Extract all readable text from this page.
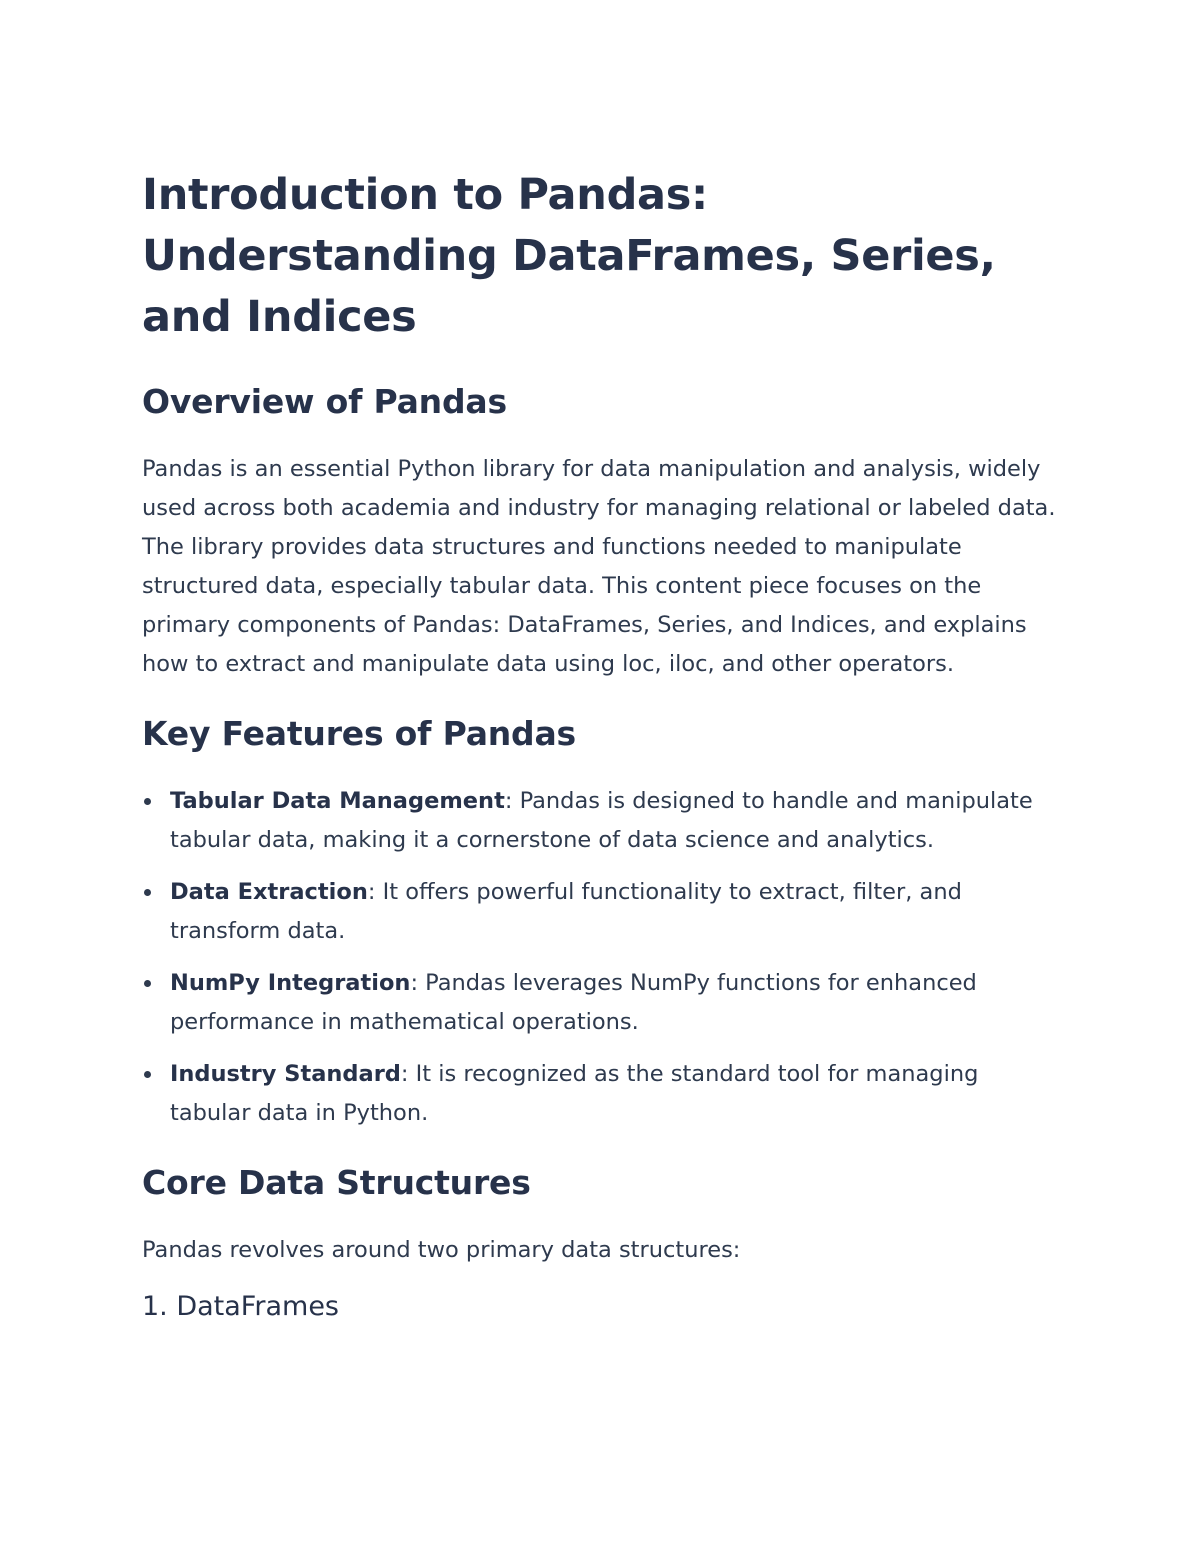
Introduction to Pandas: Understanding DataFrames, Series, and Indices
Overview of Pandas

Pandas is an essential Python library for data manipulation and analysis, widely used across both academia and industry for managing relational or labeled data. The library provides data structures and functions needed to manipulate structured data, especially tabular data. This content piece focuses on the primary components of Pandas: DataFrames, Series, and Indices, and explains how to extract and manipulate data using loc, iloc, and other operators.

Key Features of Pandas
Tabular Data Management: Pandas is designed to handle and manipulate tabular data, making it a cornerstone of data science and analytics.
Data Extraction: It offers powerful functionality to extract, filter, and transform data.
NumPy Integration: Pandas leverages NumPy functions for enhanced performance in mathematical operations.
Industry Standard: It is recognized as the standard tool for managing tabular data in Python.
Core Data Structures

Pandas revolves around two primary data structures:

1. DataFrames
